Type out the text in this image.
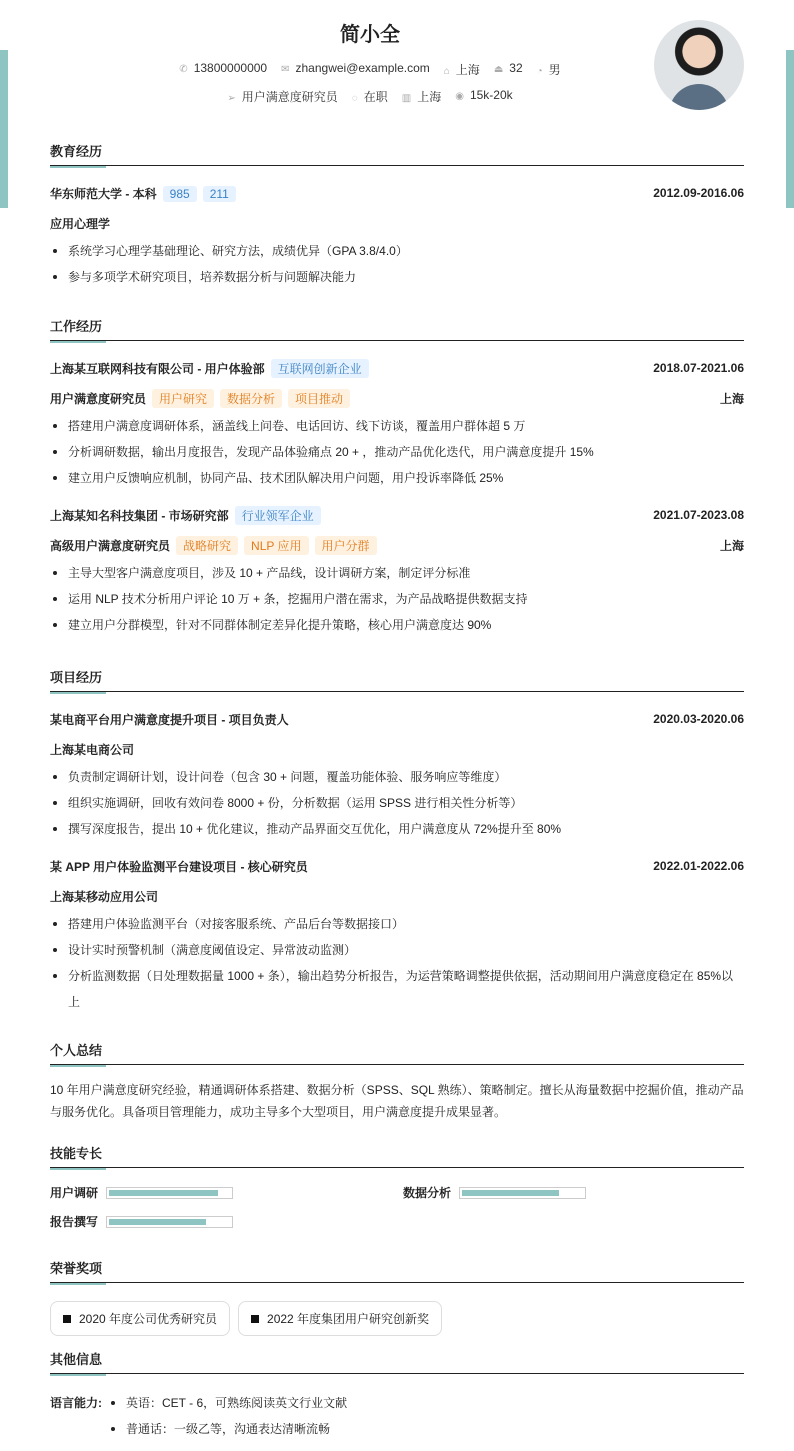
简小全
✆ 13800000000 ✉ zhangwei@example.com ⌂ 上海 ⏏ 32 ◔ 男
➢ 用户满意度研究员 ◌ 在职 ▥ 上海 ◉ 15k-20k
教育经历
华东师范大学 - 本科 985 211	2012.09-2016.06
应用心理学
系统学习心理学基础理论、研究方法，成绩优异（GPA 3.8/4.0）
参与多项学术研究项目，培养数据分析与问题解决能力
工作经历
上海某互联网科技有限公司 - 用户体验部 互联网创新企业	2018.07-2021.06
用户满意度研究员 用户研究 数据分析 项目推动	上海
搭建用户满意度调研体系，涵盖线上问卷、电话回访、线下访谈，覆盖用户群体超 5 万
分析调研数据，输出月度报告，发现产品体验痛点 20 + ，推动产品优化迭代，用户满意度提升 15%
建立用户反馈响应机制，协同产品、技术团队解决用户问题，用户投诉率降低 25%
上海某知名科技集团 - 市场研究部 行业领军企业	2021.07-2023.08
高级用户满意度研究员 战略研究 NLP 应用 用户分群	上海
主导大型客户满意度项目，涉及 10 + 产品线，设计调研方案，制定评分标准
运用 NLP 技术分析用户评论 10 万 + 条，挖掘用户潜在需求，为产品战略提供数据支持
建立用户分群模型，针对不同群体制定差异化提升策略，核心用户满意度达 90%
项目经历
某电商平台用户满意度提升项目 - 项目负责人	2020.03-2020.06
上海某电商公司
负责制定调研计划，设计问卷（包含 30 + 问题，覆盖功能体验、服务响应等维度）
组织实施调研，回收有效问卷 8000 + 份，分析数据（运用 SPSS 进行相关性分析等）
撰写深度报告，提出 10 + 优化建议，推动产品界面交互优化，用户满意度从 72%提升至 80%
某 APP 用户体验监测平台建设项目 - 核心研究员	2022.01-2022.06
上海某移动应用公司
搭建用户体验监测平台（对接客服系统、产品后台等数据接口）
设计实时预警机制（满意度阈值设定、异常波动监测）
分析监测数据（日处理数据量 1000 + 条），输出趋势分析报告，为运营策略调整提供依据，活动期间用户满意度稳定在 85%以上
个人总结
10 年用户满意度研究经验，精通调研体系搭建、数据分析（SPSS、SQL 熟练）、策略制定。擅长从海量数据中挖掘价值，推动产品与服务优化。具备项目管理能力，成功主导多个大型项目，用户满意度提升成果显著。
技能专长
用户调研	数据分析
报告撰写
荣誉奖项
2020 年度公司优秀研究员	2022 年度集团用户研究创新奖
其他信息
语言能力:	英语：CET - 6，可熟练阅读英文行业文献
普通话：一级乙等，沟通表达清晰流畅
